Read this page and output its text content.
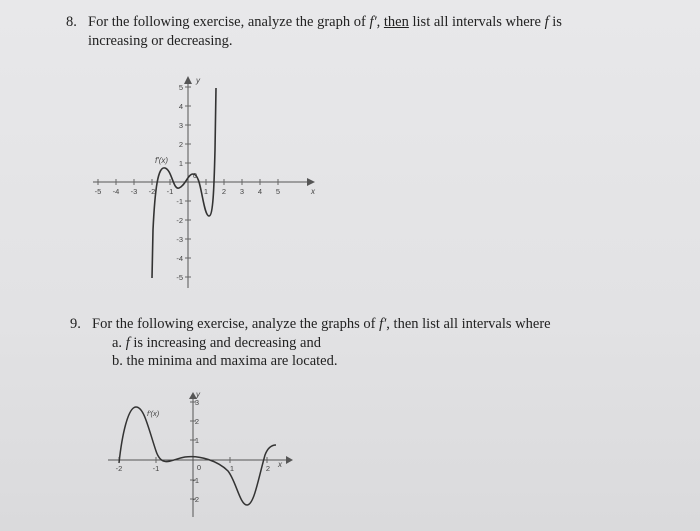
8. For the following exercise, analyze the graph of f′, then list all intervals where f is
increasing or decreasing.
-5 -4 -3 -2 -1
0
1 2 3 4 5
5
4
3
2
1
-1
-2
-3
-4
-5
y
x
f′(x)
9. For the following exercise, analyze the graphs of f′, then list all intervals where
a. f is increasing and decreasing and
b. the minima and maxima are located.
-2	-1	0	1	2
3
2
1
-1
-2
y
x
f′(x)
